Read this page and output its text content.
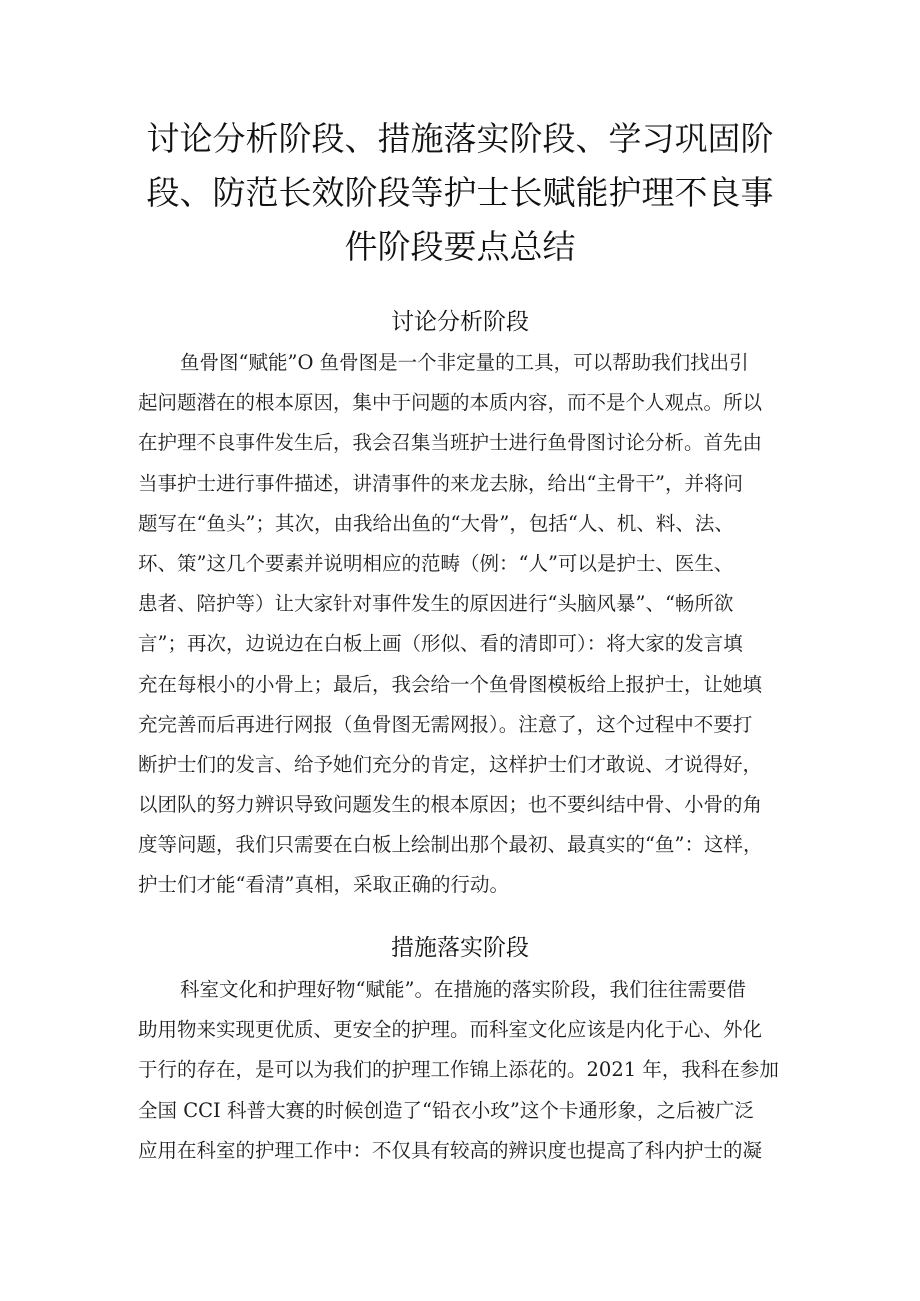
讨论分析阶段、措施落实阶段、学习巩固阶
段、防范长效阶段等护士长赋能护理不良事
件阶段要点总结
讨论分析阶段
鱼骨图“赋能”O 鱼骨图是一个非定量的工具，可以帮助我们找出引
起问题潜在的根本原因，集中于问题的本质内容，而不是个人观点。所以
在护理不良事件发生后，我会召集当班护士进行鱼骨图讨论分析。首先由
当事护士进行事件描述，讲清事件的来龙去脉，给出“主骨干”，并将问
题写在“鱼头”；其次，由我给出鱼的“大骨”，包括“人、机、料、法、
环、策”这几个要素并说明相应的范畴（例：“人”可以是护士、医生、
患者、陪护等）让大家针对事件发生的原因进行“头脑风暴”、“畅所欲
言”；再次，边说边在白板上画（形似、看的清即可）：将大家的发言填
充在每根小的小骨上；最后，我会给一个鱼骨图模板给上报护士，让她填
充完善而后再进行网报（鱼骨图无需网报）。注意了，这个过程中不要打
断护士们的发言、给予她们充分的肯定，这样护士们才敢说、才说得好，
以团队的努力辨识导致问题发生的根本原因；也不要纠结中骨、小骨的角
度等问题，我们只需要在白板上绘制出那个最初、最真实的“鱼”：这样，
护士们才能“看清”真相，采取正确的行动。
措施落实阶段
科室文化和护理好物“赋能”。在措施的落实阶段，我们往往需要借
助用物来实现更优质、更安全的护理。而科室文化应该是内化于心、外化
于行的存在，是可以为我们的护理工作锦上添花的。2021 年，我科在参加
全国 CCI 科普大赛的时候创造了“铅衣小玫”这个卡通形象，之后被广泛
应用在科室的护理工作中：不仅具有较高的辨识度也提高了科内护士的凝
